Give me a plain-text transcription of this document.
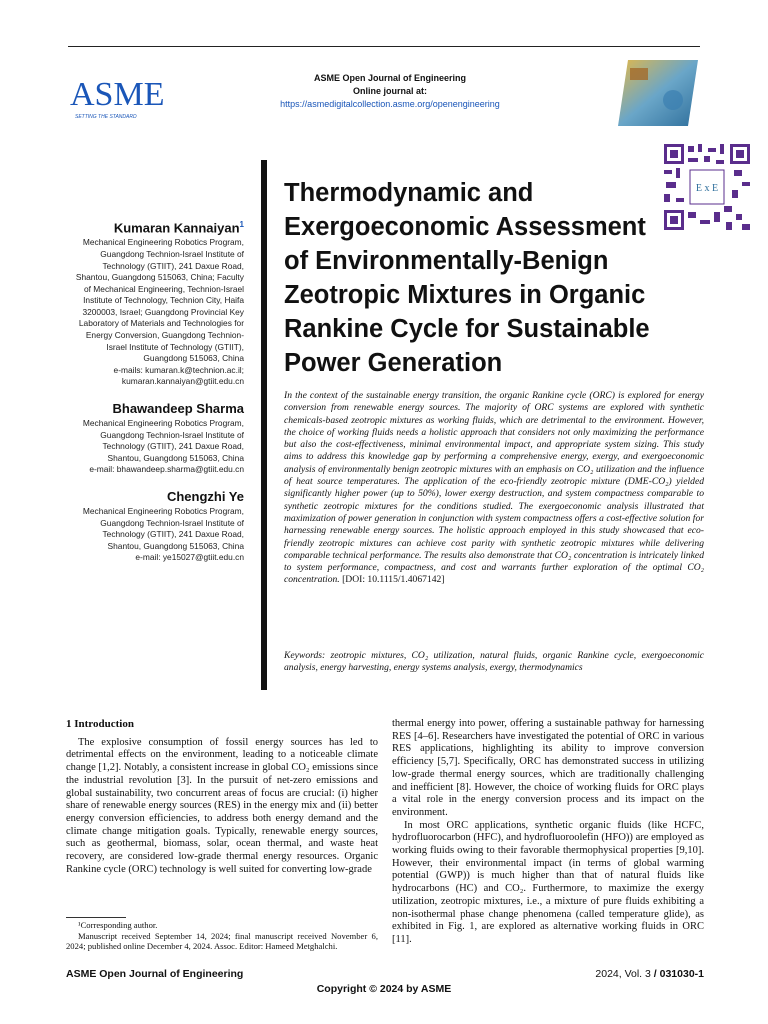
ASME
SETTING THE STANDARD
ASME Open Journal of Engineering
Online journal at:
https://asmedigitalcollection.asme.org/openengineering
E x E
Thermodynamic and Exergoeconomic Assessment of Environmentally-Benign Zeotropic Mixtures in Organic Rankine Cycle for Sustainable Power Generation
Kumaran Kannaiyan$^1$
Mechanical Engineering Robotics Program, Guangdong Technion-Israel Institute of Technology (GTIIT), 241 Daxue Road, Shantou, Guangdong 515063, China; Faculty of Mechanical Engineering, Technion-Israel Institute of Technology, Technion City, Haifa 3200003, Israel; Guangdong Provincial Key Laboratory of Materials and Technologies for Energy Conversion, Guangdong Technion-Israel Institute of Technology (GTIIT), Guangdong 515063, China
e-mails: kumaran.k@technion.ac.il; kumaran.kannaiyan@gtiit.edu.cn
Bhawandeep Sharma
Mechanical Engineering Robotics Program, Guangdong Technion-Israel Institute of Technology (GTIIT), 241 Daxue Road, Shantou, Guangdong 515063, China
e-mail: bhawandeep.sharma@gtiit.edu.cn
Chengzhi Ye
Mechanical Engineering Robotics Program, Guangdong Technion-Israel Institute of Technology (GTIIT), 241 Daxue Road, Shantou, Guangdong 515063, China
e-mail: ye15027@gtiit.edu.cn
In the context of the sustainable energy transition, the organic Rankine cycle (ORC) is explored for energy conversion from renewable energy sources. The majority of ORC systems are explored with synthetic chemicals-based zeotropic mixtures as working fluids, which are detrimental to the environment. However, the choice of working fluids needs a holistic approach that considers not only maximizing the performance but also the cost-effectiveness, minimal environmental impact, and appropriate system sizing. This study aims to address this knowledge gap by performing a comprehensive energy, exergy, and exergoeconomic analysis of environmentally benign zeotropic mixtures with an emphasis on CO₂ utilization and the influence of heat source temperatures. The application of the eco-friendly zeotropic mixture (DME-CO₂) yielded significantly higher power (up to 50%), lower exergy destruction, and system compactness comparable to synthetic zeotropic mixtures for the conditions studied. The exergoeconomic analysis illustrated that maximization of power generation in conjunction with system compactness offers a cost-effective solution for harnessing renewable energy sources. The holistic approach employed in this study showcased that eco-friendly zeotropic mixtures can achieve cost parity with synthetic zeotropic mixtures while delivering comparable technical performance. The results also demonstrate that CO₂ concentration is intricately linked to system performance, compactness, and cost and warrants further exploration of the optimal CO₂ concentration. [DOI: 10.1115/1.4067142]
Keywords: zeotropic mixtures, CO₂ utilization, natural fluids, organic Rankine cycle, exergoeconomic analysis, energy harvesting, energy systems analysis, exergy, thermodynamics
1 Introduction

The explosive consumption of fossil energy sources has led to detrimental effects on the environment, leading to a noticeable climate change [1,2]. Notably, a consistent increase in global CO₂ emissions since the industrial revolution [3]. In the pursuit of net-zero emissions and global sustainability, two concurrent areas of focus are crucial: (i) higher share of renewable energy sources (RES) in the energy mix and (ii) better energy conversion efficiencies, to address both energy demand and the climate change mitigation goals. Typically, renewable energy sources, such as geothermal, biomass, solar, ocean thermal, and waste heat recovery, are considered low-grade thermal energy resources. Organic Rankine cycle (ORC) technology is well suited for converting low-grade

thermal energy into power, offering a sustainable pathway for harnessing RES [4–6]. Researchers have investigated the potential of ORC in various RES applications, highlighting its ability to improve conversion efficiency [5,7]. Specifically, ORC has demonstrated success in utilizing low-grade thermal energy sources, which are traditionally challenging and inefficient [8]. However, the choice of working fluids for ORC plays a vital role in the energy conversion process and its impact on the environment.

In most ORC applications, synthetic organic fluids (like HCFC, hydrofluorocarbon (HFC), and hydrofluoroolefin (HFO)) are employed as working fluids owing to their favorable thermophysical properties [9,10]. However, their environmental impact (in terms of global warming potential (GWP)) is much higher than that of natural fluids like hydrocarbons (HC) and CO₂. Furthermore, to maximize the exergy utilization, zeotropic mixtures, i.e., a mixture of pure fluids exhibiting a non-isothermal phase change phenomena (called temperature glide), as exhibited in Fig. 1, are explored as alternative working fluids in ORC [11].

¹Corresponding author.

Manuscript received September 14, 2024; final manuscript received November 6, 2024; published online December 4, 2024. Assoc. Editor: Hameed Metghalchi.

ASME Open Journal of Engineering	2024, Vol. 3 / 031030-1
Copyright © 2024 by ASME
